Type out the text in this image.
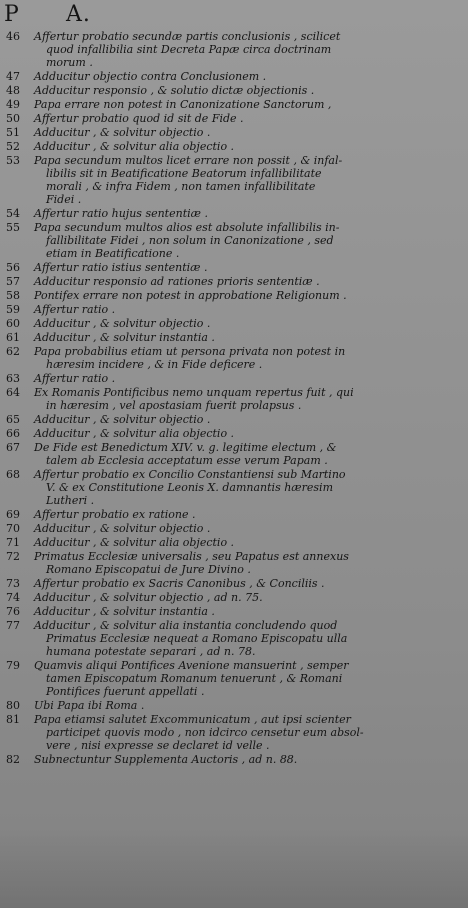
P A.
46	Affertur probatio secundæ partis conclusionis , scilicet
quod infallibilia sint Decreta Papæ circa doctrinam
morum .
47	Adducitur objectio contra Conclusionem .
48	Adducitur responsio , & solutio dictæ objectionis .
49	Papa errare non potest in Canonizatione Sanctorum ,
50	Affertur probatio quod id sit de Fide .
51	Adducitur , & solvitur objectio .
52	Adducitur , & solvitur alia objectio .
53	Papa secundum multos licet errare non possit , & infal-
libilis sit in Beatificatione Beatorum infallibilitate
morali , & infra Fidem , non tamen infallibilitate
Fidei .
54	Affertur ratio hujus sententiæ .
55	Papa secundum multos alios est absolute infallibilis in-
fallibilitate Fidei , non solum in Canonizatione , sed
etiam in Beatificatione .
56	Affertur ratio istius sententiæ .
57	Adducitur responsio ad rationes prioris sententiæ .
58	Pontifex errare non potest in approbatione Religionum .
59	Affertur ratio .
60	Adducitur , & solvitur objectio .
61	Adducitur , & solvitur instantia .
62	Papa probabilius etiam ut persona privata non potest in
hæresim incidere , & in Fide deficere .
63	Affertur ratio .
64	Ex Romanis Pontificibus nemo unquam repertus fuit , qui
in hæresim , vel apostasiam fuerit prolapsus .
65	Adducitur , & solvitur objectio .
66	Adducitur , & solvitur alia objectio .
67	De Fide est Benedictum XIV. v. g. legitime electum , &
talem ab Ecclesia acceptatum esse verum Papam .
68	Affertur probatio ex Concilio Constantiensi sub Martino
V. & ex Constitutione Leonis X. damnantis hæresim
Lutheri .
69	Affertur probatio ex ratione .
70	Adducitur , & solvitur objectio .
71	Adducitur , & solvitur alia objectio .
72	Primatus Ecclesiæ universalis , seu Papatus est annexus
Romano Episcopatui de Jure Divino .
73	Affertur probatio ex Sacris Canonibus , & Conciliis .
74	Adducitur , & solvitur objectio , ad n. 75.
76	Adducitur , & solvitur instantia .
77	Adducitur , & solvitur alia instantia concludendo quod
Primatus Ecclesiæ nequeat a Romano Episcopatu ulla
humana potestate separari , ad n. 78.
79	Quamvis aliqui Pontifices Avenione mansuerint , semper
tamen Episcopatum Romanum tenuerunt , & Romani
Pontifices fuerunt appellati .
80	Ubi Papa ibi Roma .
81	Papa etiamsi salutet Excommunicatum , aut ipsi scienter
participet quovis modo , non idcirco censetur eum absol-
vere , nisi expresse se declaret id velle .
82	Subnectuntur Supplementa Auctoris , ad n. 88.
